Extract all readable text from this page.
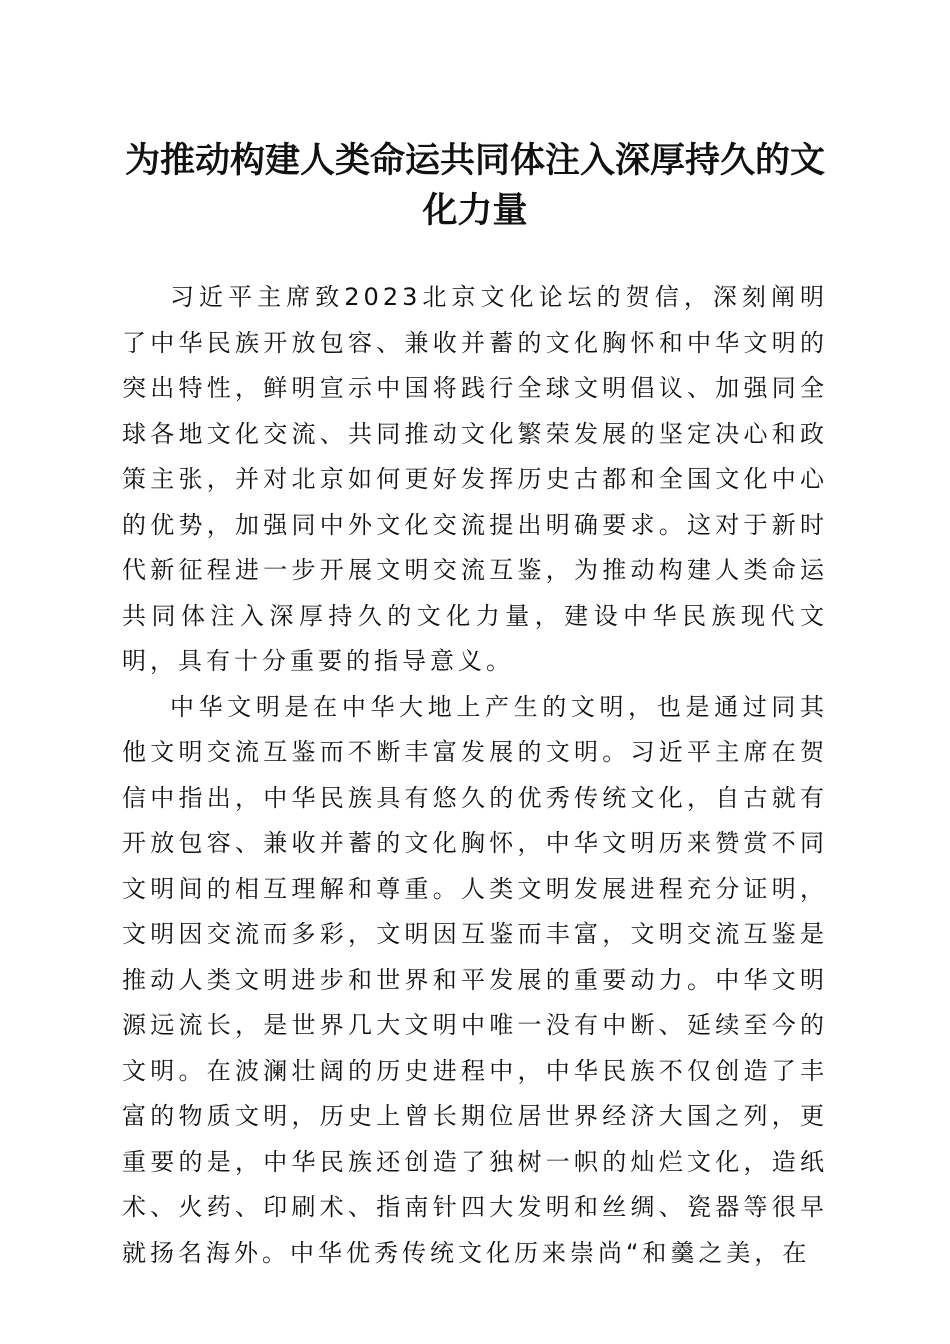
为推动构建人类命运共同体注入深厚持久的文化力量

习近平主席致2023北京文化论坛的贺信，深刻阐明了中华民族开放包容、兼收并蓄的文化胸怀和中华文明的突出特性，鲜明宣示中国将践行全球文明倡议、加强同全球各地文化交流、共同推动文化繁荣发展的坚定决心和政策主张，并对北京如何更好发挥历史古都和全国文化中心的优势，加强同中外文化交流提出明确要求。这对于新时代新征程进一步开展文明交流互鉴，为推动构建人类命运共同体注入深厚持久的文化力量，建设中华民族现代文明，具有十分重要的指导意义。

中华文明是在中华大地上产生的文明，也是通过同其他文明交流互鉴而不断丰富发展的文明。习近平主席在贺信中指出，中华民族具有悠久的优秀传统文化，自古就有开放包容、兼收并蓄的文化胸怀，中华文明历来赞赏不同文明间的相互理解和尊重。人类文明发展进程充分证明，文明因交流而多彩，文明因互鉴而丰富，文明交流互鉴是推动人类文明进步和世界和平发展的重要动力。中华文明源远流长，是世界几大文明中唯一没有中断、延续至今的文明。在波澜壮阔的历史进程中，中华民族不仅创造了丰富的物质文明，历史上曾长期位居世界经济大国之列，更重要的是，中华民族还创造了独树一帜的灿烂文化，造纸术、火药、印刷术、指南针四大发明和丝绸、瓷器等很早就扬名海外。中华优秀传统文化历来崇尚“和羹之美，在
